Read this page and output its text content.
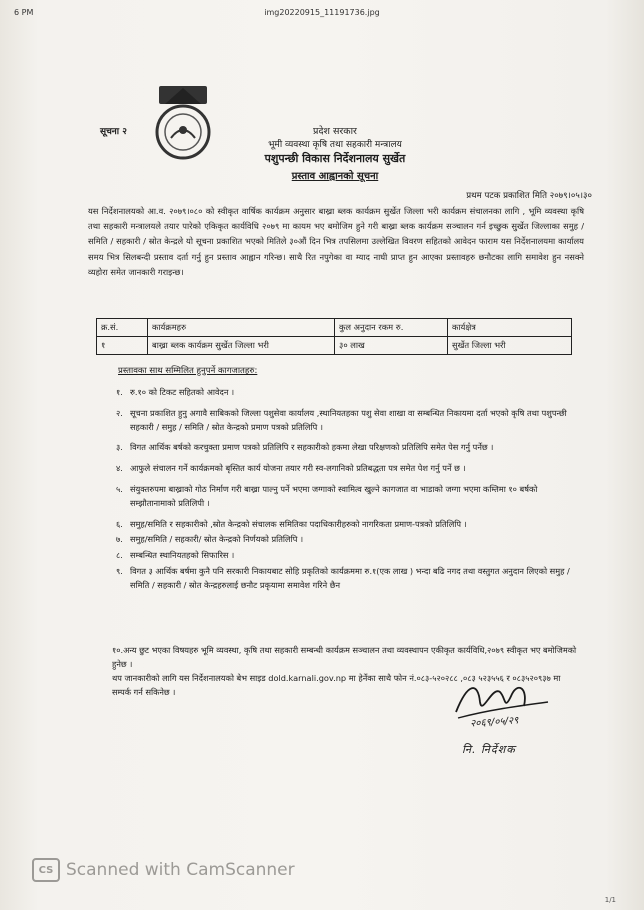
6 PM	img20220915_11191736.jpg
सूचना २	प्रदेश सरकार
भूमी व्यवस्था कृषि तथा सहकारी मन्त्रालय
पशुपन्छी विकास निर्देशनालय सुर्खेत
प्रस्ताव आह्वानको सूचना
प्रथम पटक प्रकाशित मिति २०७९।०५।३०
यस निर्देशनालयको आ.व. २०७९।०८० को स्वीकृत वार्षिक कार्यक्रम अनुसार बाख्रा ब्लक कार्यक्रम सुर्खेत जिल्ला भरी कार्यक्रम संचालनका लागि , भूमि व्यवस्था कृषि तथा सहकारी मन्त्रालयले तयार पारेको एकिकृत कार्यविधि २०७९ मा कायम भए बमोजिम हुने गरी बाख्रा ब्लक कार्यक्रम सञ्चालन गर्न इच्छुक सुर्खेत जिल्लाका समुह / समिति / सहकारी / स्रोत केन्द्रले यो सूचना प्रकाशित भएको मितिले ३०औं दिन भित्र तपसिलमा उल्लेखित विवरण सहितको आवेदन फाराम यस निर्देशनालयमा कार्यालय समय भित्र सिलबन्दी प्रस्ताव दर्ता गर्नु हुन प्रस्ताव आह्वान गरिन्छ। साथै रित नपुगेका वा म्याद नाघी प्राप्त हुन आएका प्रस्तावहरु छनौटका लागि समावेश हुन नसक्ने व्यहोरा समेत जानकारी गराइन्छ।
क्र.सं.	कार्यक्रमहरु	कुल अनुदान रकम रु.	कार्यक्षेत्र
१	बाख्रा ब्लक कार्यक्रम सुर्खेत जिल्ला भरी	३० लाख	सुर्खेत जिल्ला भरी
प्रस्तावका साथ सम्मिलित हुनुपर्ने कागजातहरु:
१. रु.१० को टिकट सहितको आवेदन ।
२. सूचना प्रकाशित हुनु अगावै साबिकको जिल्ला पशुसेवा कार्यालय ,स्थानियतहका पशु सेवा शाखा वा सम्बन्धित निकायमा दर्ता भएको कृषि तथा पशुपन्छी सहकारी / समुह / समिति / स्रोत केन्द्रको प्रमाण पत्रको प्रतिलिपि ।
३. विगत आर्थिक बर्षको करचुक्ता प्रमाण पत्रको प्रतिलिपि र सहकारीको हकमा लेखा परिक्षणको प्रतिलिपि समेत पेस गर्नु पर्नेछ ।
४. आफुले संचालन गर्ने कार्यक्रमको बृस्तित कार्य योजना तयार गरी स्व-लगानिको प्रतिबद्धता पत्र समेत पेश गर्नु पर्ने छ ।
५. संयुक्तरुपमा बाख्राको गोठ निर्माण गरी बाख्रा पाल्नु पर्ने भएमा जग्गाको स्वामित्व खुल्ने कागजात वा भाडाको जग्गा भएमा कम्तिमा १० बर्षको सम्झौतानामाको प्रतिलिपी ।
६. समुह/समिति र सहकारीको ,स्रोत केन्द्रको संचालक समितिका पदाधिकारीहरुको नागरिकता प्रमाण-पत्रको प्रतिलिपि ।
७. समुह/समिति / सहकारी/ स्रोत केन्द्रको निर्णयको प्रतिलिपि ।
८. सम्बन्धित स्थानियतहको सिफारिस ।
९. विगत ३ आर्थिक बर्षमा कुनै पनि सरकारी निकायबाट सोहि प्रकृतिको कार्यक्रममा रु.१(एक लाख ) भन्दा बढि नगद तथा वस्तुगत अनुदान लिएको समुह / समिति / सहकारी / स्रोत केन्द्रहरुलाई छनौट प्रकृयामा समावेश गरिने छैन
१०.अन्य छुट भएका विषयहरु भूमि व्यवस्था, कृषि तथा सहकारी सम्बन्धी कार्यक्रम सञ्चालन तथा व्यवस्थापन एकीकृत कार्यविधि,२०७९ स्वीकृत भए बमोजिमको हुनेछ ।
थप जानकारीको लागि यस निर्देशनालयको बेभ साइड dold.karnali.gov.np मा हेर्नेका साथै फोन नं.०८३-५२०२८८ ,०८३ ५२३५५६ र ०८३५२०९३७ मा सम्पर्क गर्न सकिनेछ ।
२०६९/०५/२९
नि. निर्देशक
CS Scanned with CamScanner
1/1
